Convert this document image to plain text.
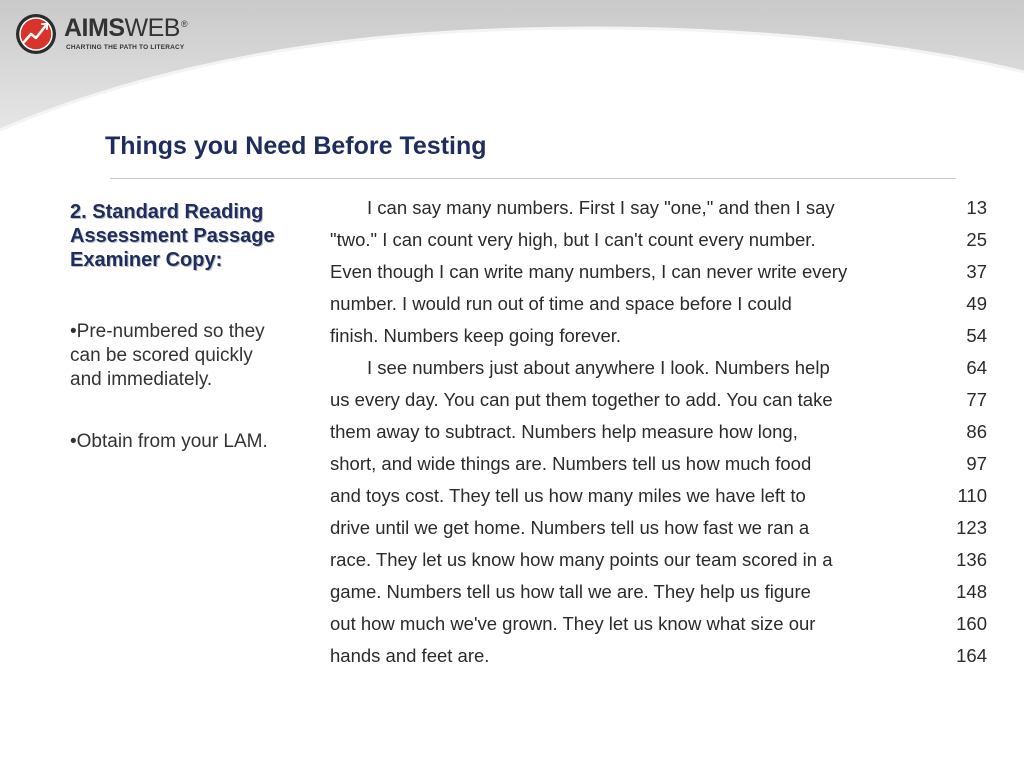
AIMSWEB®
CHARTING THE PATH TO LITERACY
Things you Need Before Testing

2. Standard Reading
Assessment Passage
Examiner Copy:

•Pre-numbered so they
can be scored quickly
and immediately.

•Obtain from your LAM.

I can say many numbers. First I say "one," and then I say	13
"two." I can count very high, but I can't count every number.	25
Even though I can write many numbers, I can never write every	37
number. I would run out of time and space before I could	49
finish. Numbers keep going forever.	54
I see numbers just about anywhere I look. Numbers help	64
us every day. You can put them together to add. You can take	77
them away to subtract. Numbers help measure how long,	86
short, and wide things are. Numbers tell us how much food	97
and toys cost. They tell us how many miles we have left to	110
drive until we get home. Numbers tell us how fast we ran a	123
race. They let us know how many points our team scored in a	136
game. Numbers tell us how tall we are. They help us figure	148
out how much we've grown. They let us know what size our	160
hands and feet are.	164
